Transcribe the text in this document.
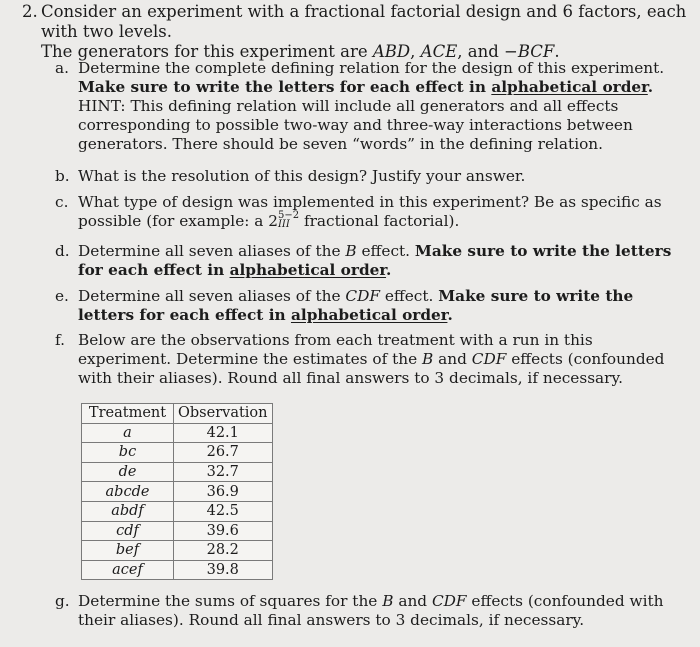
2. Consider an experiment with a fractional factorial design and 6 factors, each with two levels.
The generators for this experiment are ABD, ACE, and −BCF.
a. Determine the complete defining relation for the design of this experiment. Make sure to write the letters for each effect in alphabetical order. HINT: This defining relation will include all generators and all effects corresponding to possible two-way and three-way interactions between generators. There should be seven “words” in the defining relation.
b. What is the resolution of this design? Justify your answer.
c. What type of design was implemented in this experiment? Be as specific as possible (for example: a 2 5−2
III fractional factorial).
d. Determine all seven aliases of the B effect. Make sure to write the letters for each effect in alphabetical order.
e. Determine all seven aliases of the CDF effect. Make sure to write the letters for each effect in alphabetical order.
f. Below are the observations from each treatment with a run in this experiment. Determine the estimates of the B and CDF effects (confounded with their aliases). Round all final answers to 3 decimals, if necessary.
Treatment	Observation
a	42.1
bc	26.7
de	32.7
abcde	36.9
abdf	42.5
cdf	39.6
bef	28.2
acef	39.8
g. Determine the sums of squares for the B and CDF effects (confounded with their aliases). Round all final answers to 3 decimals, if necessary.
